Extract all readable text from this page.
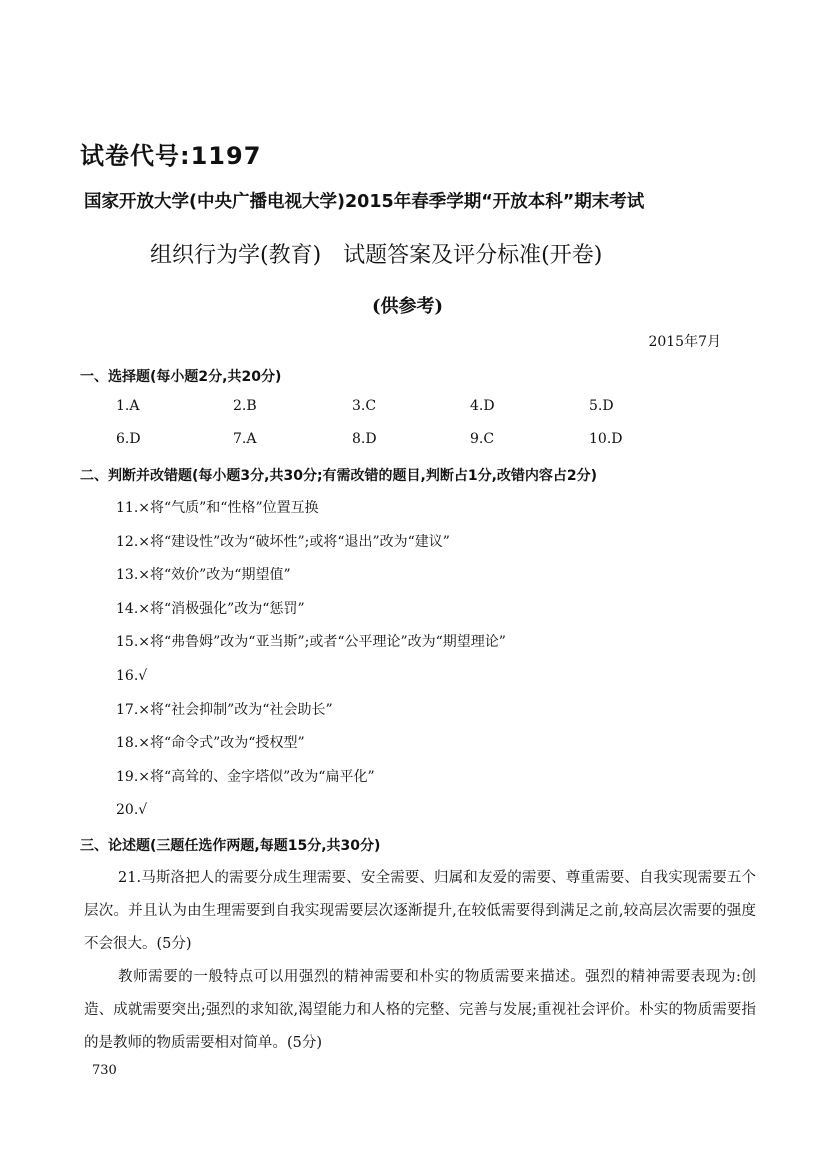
试卷代号:1197
国家开放大学(中央广播电视大学)2015年春季学期“开放本科”期末考试
组织行为学(教育)　试题答案及评分标准(开卷)
(供参考)
2015年7月
一、选择题(每小题2分,共20分)
1.A	2.B	3.C	4.D	5.D
6.D	7.A	8.D	9.C	10.D
二、判断并改错题(每小题3分,共30分;有需改错的题目,判断占1分,改错内容占2分)
11.×将“气质”和“性格”位置互换
12.×将“建设性”改为“破坏性”;或将“退出”改为“建议”
13.×将“效价”改为“期望值”
14.×将“消极强化”改为“惩罚”
15.×将“弗鲁姆”改为“亚当斯”;或者“公平理论”改为“期望理论”
16.√
17.×将“社会抑制”改为“社会助长”
18.×将“命令式”改为“授权型”
19.×将“高耸的、金字塔似”改为“扁平化”
20.√
三、论述题(三题任选作两题,每题15分,共30分)

21.马斯洛把人的需要分成生理需要、安全需要、归属和友爱的需要、尊重需要、自我实现需要五个层次。并且认为由生理需要到自我实现需要层次逐渐提升,在较低需要得到满足之前,较高层次需要的强度不会很大。(5分)

教师需要的一般特点可以用强烈的精神需要和朴实的物质需要来描述。强烈的精神需要表现为:创造、成就需要突出;强烈的求知欲,渴望能力和人格的完整、完善与发展;重视社会评价。朴实的物质需要指的是教师的物质需要相对简单。(5分)

730
